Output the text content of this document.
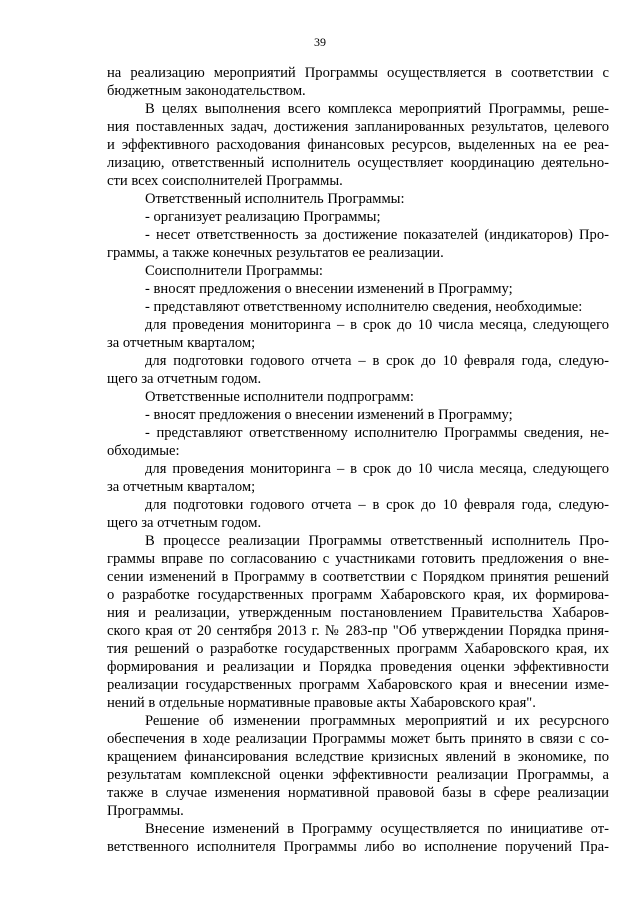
39
на реализацию мероприятий Программы осуществляется в соответствии с
бюджетным законодательством.
В целях выполнения всего комплекса мероприятий Программы, реше-
ния поставленных задач, достижения запланированных результатов, целевого
и эффективного расходования финансовых ресурсов, выделенных на ее реа-
лизацию, ответственный исполнитель осуществляет координацию деятельно-
сти всех соисполнителей Программы.
Ответственный исполнитель Программы:
- организует реализацию Программы;
- несет ответственность за достижение показателей (индикаторов) Про-
граммы, а также конечных результатов ее реализации.
Соисполнители Программы:
- вносят предложения о внесении изменений в Программу;
- представляют ответственному исполнителю сведения, необходимые:
для проведения мониторинга – в срок до 10 числа месяца, следующего
за отчетным кварталом;
для подготовки годового отчета – в срок до 10 февраля года, следую-
щего за отчетным годом.
Ответственные исполнители подпрограмм:
- вносят предложения о внесении изменений в Программу;
- представляют ответственному исполнителю Программы сведения, не-
обходимые:
для проведения мониторинга – в срок до 10 числа месяца, следующего
за отчетным кварталом;
для подготовки годового отчета – в срок до 10 февраля года, следую-
щего за отчетным годом.
В процессе реализации Программы ответственный исполнитель Про-
граммы вправе по согласованию с участниками готовить предложения о вне-
сении изменений в Программу в соответствии с Порядком принятия решений
о разработке государственных программ Хабаровского края, их формирова-
ния и реализации, утвержденным постановлением Правительства Хабаров-
ского края от 20 сентября 2013 г. № 283-пр "Об утверждении Порядка приня-
тия решений о разработке государственных программ Хабаровского края, их
формирования и реализации и Порядка проведения оценки эффективности
реализации государственных программ Хабаровского края и внесении изме-
нений в отдельные нормативные правовые акты Хабаровского края".
Решение об изменении программных мероприятий и их ресурсного
обеспечения в ходе реализации Программы может быть принято в связи с со-
кращением финансирования вследствие кризисных явлений в экономике, по
результатам комплексной оценки эффективности реализации Программы, а
также в случае изменения нормативной правовой базы в сфере реализации
Программы.
Внесение изменений в Программу осуществляется по инициативе от-
ветственного исполнителя Программы либо во исполнение поручений Пра-
